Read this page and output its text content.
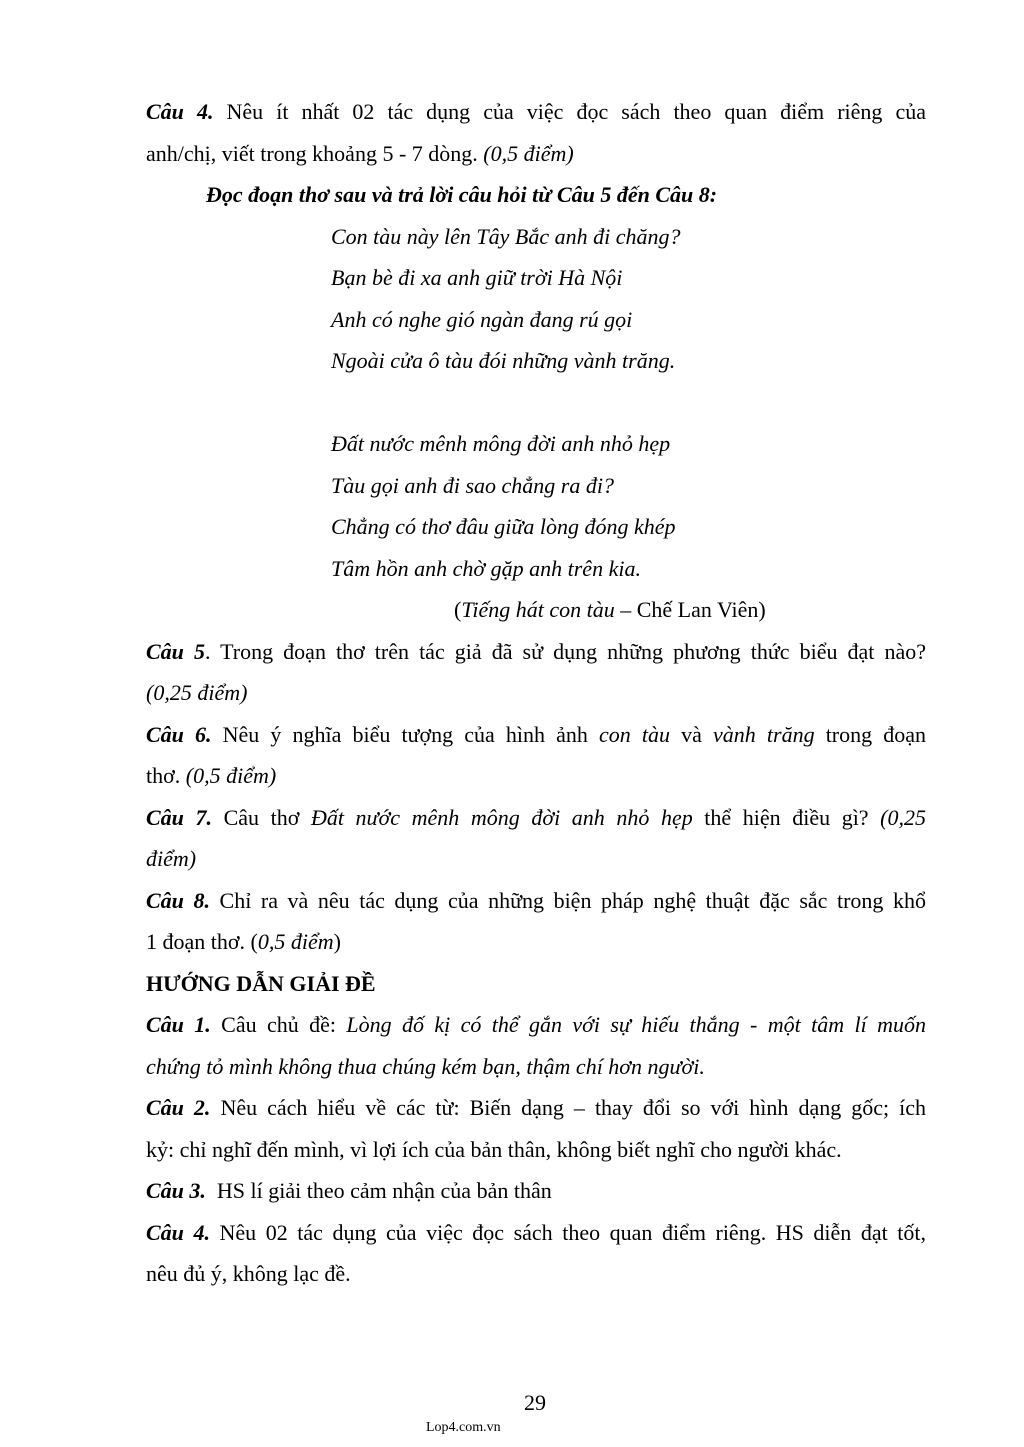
Câu 4. Nêu ít nhất 02 tác dụng của việc đọc sách theo quan điểm riêng của

anh/chị, viết trong khoảng 5 - 7 dòng. (0,5 điểm)

Đọc đoạn thơ sau và trả lời câu hỏi từ Câu 5 đến Câu 8:

Con tàu này lên Tây Bắc anh đi chăng?

Bạn bè đi xa anh giữ trời Hà Nội

Anh có nghe gió ngàn đang rú gọi

Ngoài cửa ô tàu đói những vành trăng.

Đất nước mênh mông đời anh nhỏ hẹp

Tàu gọi anh đi sao chẳng ra đi?

Chẳng có thơ đâu giữa lòng đóng khép

Tâm hồn anh chờ gặp anh trên kia.

(Tiếng hát con tàu – Chế Lan Viên)

Câu 5. Trong đoạn thơ trên tác giả đã sử dụng những phương thức biểu đạt nào?

(0,25 điểm)

Câu 6. Nêu ý nghĩa biểu tượng của hình ảnh con tàu và vành trăng trong đoạn

thơ. (0,5 điểm)

Câu 7. Câu thơ Đất nước mênh mông đời anh nhỏ hẹp thể hiện điều gì? (0,25

điểm)

Câu 8. Chỉ ra và nêu tác dụng của những biện pháp nghệ thuật đặc sắc trong khổ

1 đoạn thơ. (0,5 điểm)

HƯỚNG DẪN GIẢI ĐỀ

Câu 1. Câu chủ đề: Lòng đố kị có thể gắn với sự hiếu thắng - một tâm lí muốn

chứng tỏ mình không thua chúng kém bạn, thậm chí hơn người.

Câu 2. Nêu cách hiểu về các từ: Biến dạng – thay đổi so với hình dạng gốc; ích

kỷ: chỉ nghĩ đến mình, vì lợi ích của bản thân, không biết nghĩ cho người khác.

Câu 3.  HS lí giải theo cảm nhận của bản thân

Câu 4. Nêu 02 tác dụng của việc đọc sách theo quan điểm riêng. HS diễn đạt tốt,

nêu đủ ý, không lạc đề.

29
Lop4.com.vn
